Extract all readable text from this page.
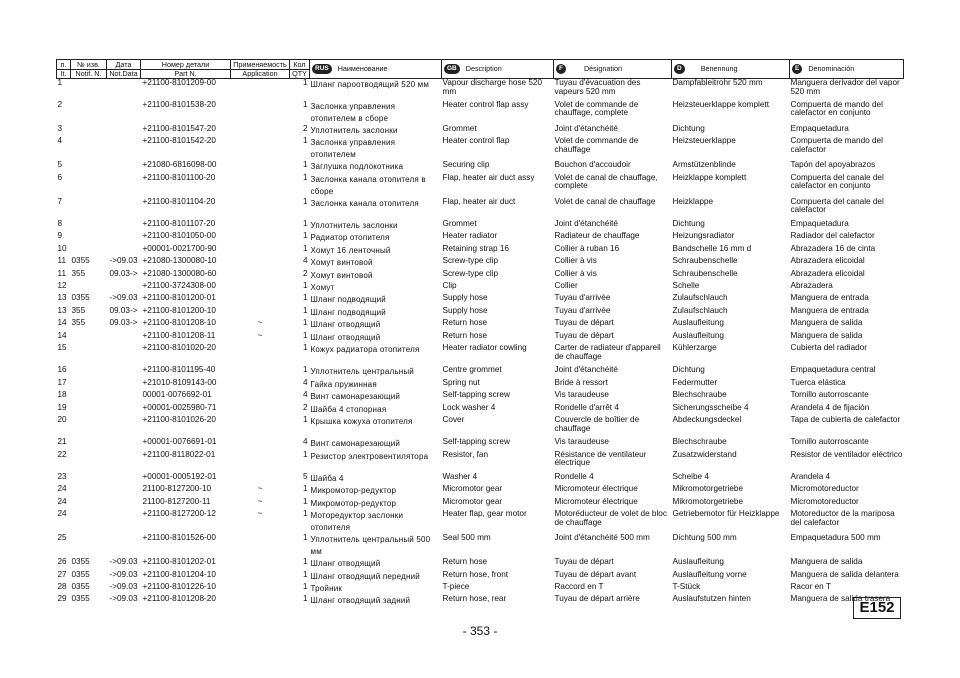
п.	№ изв.	Дата	Номер детали	Применяемость	Кол	RUS Наименование	GB Description	F Désignation	D Benennung	E Denominación
It.	Notif. N.	Not.Data	Part N.	Application	QTY					
1			+21100-8101209-00		1	Шланг пароотводящий 520 мм	Vapour discharge hose 520 mm	Tuyau d'évacuation des vapeurs 520 mm	Dampfableitrohr 520 mm	Manguera derivador del vapor 520 mm
2			+21100-8101538-20		1	Заслонка управления отопителем в сборе	Heater control flap assy	Volet de commande de chauffage, complete	Heizsteuerklappe komplett	Compuerta de mando del calefactor en conjunto
3			+21100-8101547-20		2	Уплотнитель заслонки	Grommet	Joint d'étanchéité	Dichtung	Empaquetadura
4			+21100-8101542-20		1	Заслонка управления отопителем	Heater control flap	Volet de commande de chauffage	Heizsteuerklappe	Compuerta de mando del calefactor
5			+21080-6816098-00		1	Заглушка подлокотника	Securing clip	Bouchon d'accoudoir	Armstützenblinde	Tapón del apoyabrazos
6			+21100-8101100-20		1	Заслонка канала отопителя в сборе	Flap, heater air duct assy	Volet de canal de chauffage, complete	Heizklappe komplett	Compuerta del canale del calefactor en conjunto
7			+21100-8101104-20		1	Заслонка канала отопителя	Flap, heater air duct	Volet de canal de chauffage	Heizklappe	Compuerta del canale del calefactor
8			+21100-8101107-20		1	Уплотнитель заслонки	Grommet	Joint d'étanchéité	Dichtung	Empaquetadura
9			+21100-8101050-00		1	Радиатор отопителя	Heater radiator	Radiateur de chauffage	Heizungsradiator	Radiador del calefactor
10			+00001-0021700-90		1	Хомут 16 ленточный	Retaining strap 16	Collier à ruban 16	Bandschelle 16 mm d	Abrazadera 16 de cinta
11	0355	->09.03	+21080-1300080-10		4	Хомут винтовой	Screw-type clip	Collier à vis	Schraubenschelle	Abrazadera elicoidal
11	355	09.03->	+21080-1300080-60		2	Хомут винтовой	Screw-type clip	Collier à vis	Schraubenschelle	Abrazadera elicoidal
12			+21100-3724308-00		1	Хомут	Clip	Collier	Schelle	Abrazadera
13	0355	->09.03	+21100-8101200-01		1	Шланг подводящий	Supply hose	Tuyau d'arrivée	Zulaufschlauch	Manguera de entrada
13	355	09.03->	+21100-8101200-10		1	Шланг подводящий	Supply hose	Tuyau d'arrivée	Zulaufschlauch	Manguera de entrada
14	355	09.03->	+21100-8101208-10	~	1	Шланг отводящий	Return hose	Tuyau de départ	Auslaufleitung	Manguera de salida
14			+21100-8101208-11	~	1	Шланг отводящий	Return hose	Tuyau de départ	Auslaufleitung	Manguera de salida
15			+21100-8101020-20		1	Кожух радиатора отопителя	Heater radiator cowling	Carter de radiateur d'appareil de chauffage	Kühlerzarge	Cubierta del radiador
16			+21100-8101195-40		1	Уплотнитель центральный	Centre grommet	Joint d'étanchéité	Dichtung	Empaquetadura central
17			+21010-8109143-00		4	Гайка пружинная	Spring nut	Bride à ressort	Federmutter	Tuerca elástica
18			00001-0076692-01		4	Винт самонарезающий	Self-tapping screw	Vis taraudeuse	Blechschraube	Tornillo autorroscante
19			+00001-0025980-71		2	Шайба 4 стопорная	Lock washer 4	Rondelle d'arrêt 4	Sicherungsscheibe 4	Arandela 4 de fijación
20			+21100-8101026-20		1	Крышка кожуха отопителя	Cover	Couvercle de boîtier de chauffage	Abdeckungsdeckel	Tapa de cubierta de calefactor
21			+00001-0076691-01		4	Винт самонарезающий	Self-tapping screw	Vis taraudeuse	Blechschraube	Tornillo autorroscante
22			+21100-8118022-01		1	Резистор электровентилятора	Resistor, fan	Résistance de ventilateur électrique	Zusatzwiderstand	Resistor de ventilador eléctrico
23			+00001-0005192-01		5	Шайба 4	Washer 4	Rondelle 4	Scheibe 4	Arandela 4
24			21100-8127200-10	~	1	Микромотор-редуктор	Micromotor gear	Micromoteur électrique	Mikromotorgetriebe	Micromotoreductor
24			21100-8127200-11	~	1	Микромотор-редуктор	Micromotor gear	Micromoteur électrique	Mikromotorgetriebe	Micromotoreductor
24			+21100-8127200-12	~	1	Моторедуктор заслонки отопителя	Heater flap, gear motor	Motoréducteur de volet de bloc de chauffage	Getriebemotor für Heizklappe	Motoreductor de la mariposa del calefactor
25			+21100-8101526-00		1	Уплотнитель центральный 500 мм	Seal 500 mm	Joint d'étanchéité 500 mm	Dichtung 500 mm	Empaquetadura 500 mm
26	0355	->09.03	+21100-8101202-01		1	Шланг отводящий	Return hose	Tuyau de départ	Auslaufleitung	Manguera de salida
27	0355	->09.03	+21100-8101204-10		1	Шланг отводящий передний	Return hose, front	Tuyau de départ avant	Auslaufleitung vorne	Manguera de salida delantera
28	0355	->09.03	+21100-8101226-10		1	Тройник	T-piece	Raccord en T	T-Stück	Racor en T
29	0355	->09.03	+21100-8101208-20		1	Шланг отводящий задний	Return hose, rear	Tuyau de départ arrière	Auslaufstutzen hinten	Manguera de salida trasera
E152
- 353 -
